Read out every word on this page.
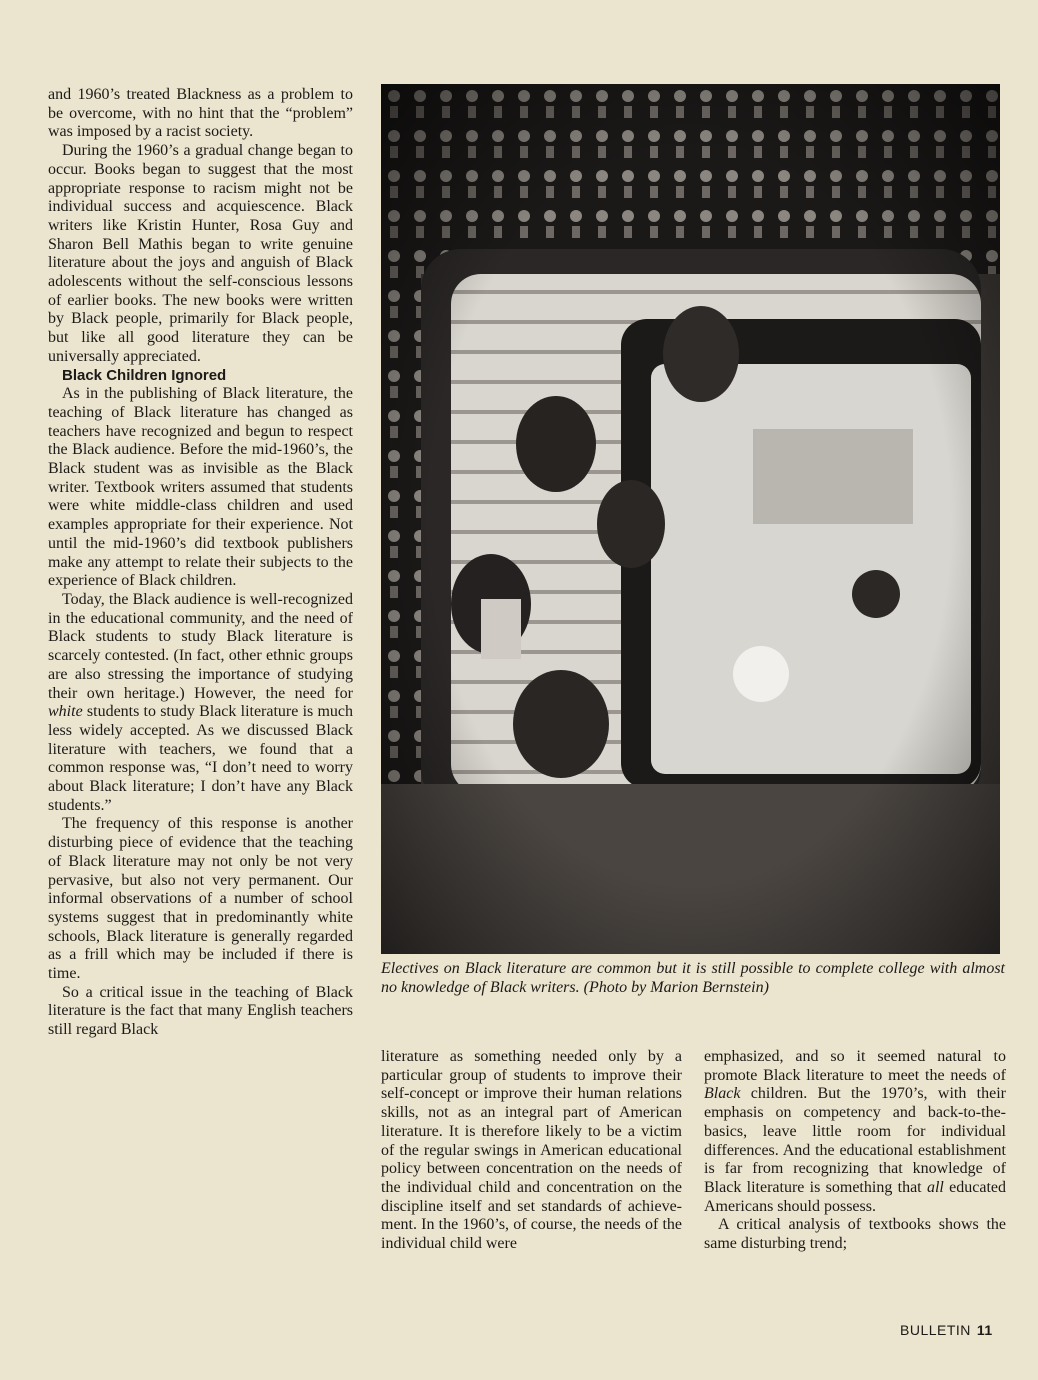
and 1960’s treated Blackness as a problem to be overcome, with no hint that the “problem” was imposed by a racist society.

During the 1960’s a gradual change began to occur. Books began to suggest that the most appropriate response to racism might not be individual success and acquiescence. Black writers like Kristin Hunter, Rosa Guy and Sharon Bell Mathis began to write genuine literature about the joys and anguish of Black adolescents without the self-conscious lessons of earlier books. The new books were written by Black people, primarily for Black people, but like all good literature they can be universally appreciated.

Black Children Ignored

As in the publishing of Black literature, the teaching of Black literature has changed as teachers have recognized and begun to respect the Black audience. Before the mid-1960’s, the Black student was as invisible as the Black writer. Textbook writers assumed that students were white middle-class children and used examples appropriate for their experience. Not until the mid-1960’s did textbook publishers make any attempt to relate their subjects to the experience of Black children.

Today, the Black audience is well-recognized in the educational community, and the need of Black students to study Black literature is scarcely contested. (In fact, other ethnic groups are also stressing the importance of studying their own heritage.) However, the need for white students to study Black literature is much less widely accepted. As we discussed Black literature with teachers, we found that a common response was, “I don’t need to worry about Black literature; I don’t have any Black students.”

The frequency of this response is another disturbing piece of evidence that the teaching of Black literature may not only be not very pervasive, but also not very permanent. Our informal observations of a number of school systems suggest that in predominantly white schools, Black literature is generally regarded as a frill which may be included if there is time.

So a critical issue in the teaching of Black literature is the fact that many English teachers still regard Black

Electives on Black literature are common but it is still possible to complete college with almost no knowledge of Black writers. (Photo by Marion Bernstein)

literature as something needed only by a particular group of students to improve their self-concept or improve their human relations skills, not as an integral part of American literature. It is therefore likely to be a victim of the regular swings in American educational policy between concentration on the needs of the individual child and concentration on the discipline itself and set standards of achievement. In the 1960’s, of course, the needs of the individual child were

emphasized, and so it seemed natural to promote Black literature to meet the needs of Black children. But the 1970’s, with their emphasis on competency and back-to-the-basics, leave little room for individual differences. And the educational establishment is far from recognizing that knowledge of Black literature is something that all educated Americans should possess.

A critical analysis of textbooks shows the same disturbing trend;

BULLETIN 11
